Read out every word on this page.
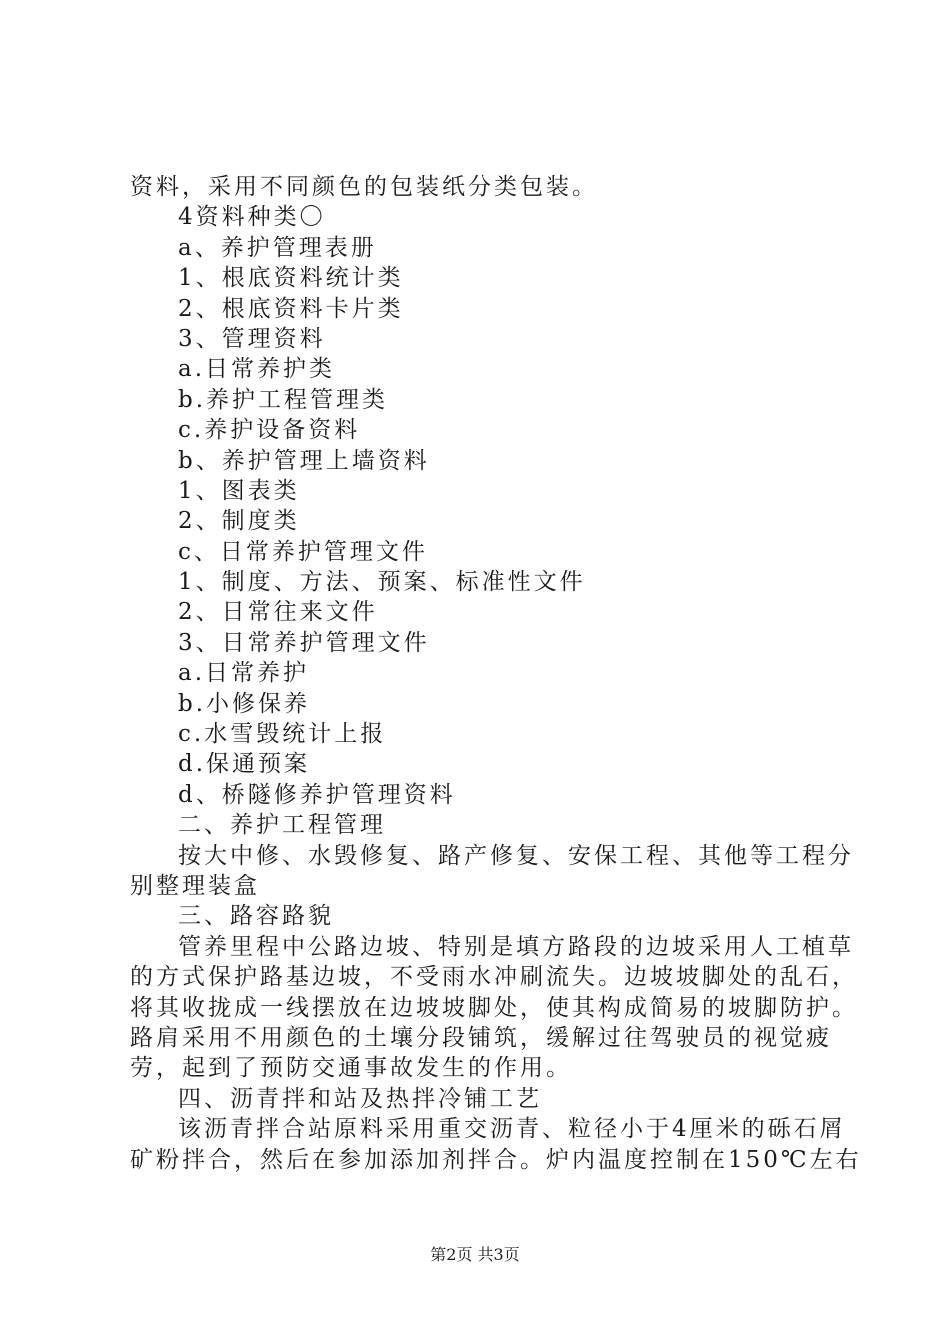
资料，采用不同颜色的包装纸分类包装。
4资料种类〇
a、养护管理表册
1、根底资料统计类
2、根底资料卡片类
3、管理资料
a.日常养护类
b.养护工程管理类
c.养护设备资料
b、养护管理上墙资料
1、图表类
2、制度类
c、日常养护管理文件
1、制度、方法、预案、标准性文件
2、日常往来文件
3、日常养护管理文件
a.日常养护
b.小修保养
c.水雪毁统计上报
d.保通预案
d、桥隧修养护管理资料
二、养护工程管理
按大中修、水毁修复、路产修复、安保工程、其他等工程分
别整理装盒
三、路容路貌
管养里程中公路边坡、特别是填方路段的边坡采用人工植草
的方式保护路基边坡，不受雨水冲刷流失。边坡坡脚处的乱石，
将其收拢成一线摆放在边坡坡脚处，使其构成简易的坡脚防护。
路肩采用不用颜色的土壤分段铺筑，缓解过往驾驶员的视觉疲
劳，起到了预防交通事故发生的作用。
四、沥青拌和站及热拌冷铺工艺
该沥青拌合站原料采用重交沥青、粒径小于4厘米的砾石屑
矿粉拌合，然后在参加添加剂拌合。炉内温度控制在150℃左右
第2页 共3页
